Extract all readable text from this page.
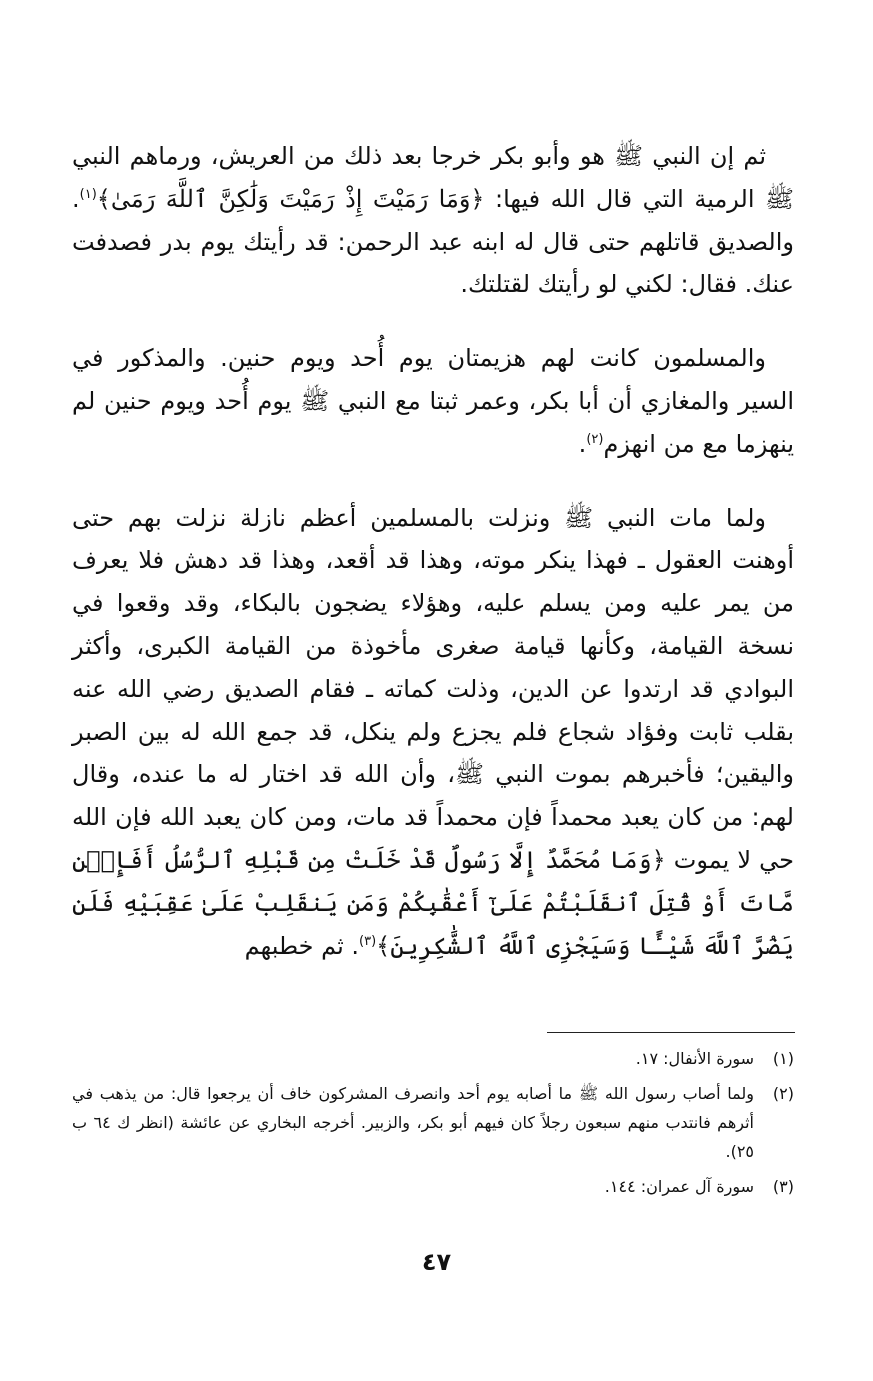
ثم إن النبي ﷺ هو وأبو بكر خرجا بعد ذلك من العريش، ورماهم النبي ﷺ الرمية التي قال الله فيها: ﴿وَمَا رَمَيْتَ إِذْ رَمَيْتَ وَلَٰكِنَّ ٱللَّهَ رَمَىٰ﴾$^{(١)}$. والصديق قاتلهم حتى قال له ابنه عبد الرحمن: قد رأيتك يوم بدر فصدفت عنك. فقال: لكني لو رأيتك لقتلتك.

والمسلمون كانت لهم هزيمتان يوم أُحد ويوم حنين. والمذكور في السير والمغازي أن أبا بكر، وعمر ثبتا مع النبي ﷺ يوم أُحد ويوم حنين لم ينهزما مع من انهزم$^{(٢)}$.

ولما مات النبي ﷺ ونزلت بالمسلمين أعظم نازلة نزلت بهم حتى أوهنت العقول ـ فهذا ينكر موته، وهذا قد أقعد، وهذا قد دهش فلا يعرف من يمر عليه ومن يسلم عليه، وهؤلاء يضجون بالبكاء، وقد وقعوا في نسخة القيامة، وكأنها قيامة صغرى مأخوذة من القيامة الكبرى، وأكثر البوادي قد ارتدوا عن الدين، وذلت كماته ـ فقام الصديق رضي الله عنه بقلب ثابت وفؤاد شجاع فلم يجزع ولم ينكل، قد جمع الله له بين الصبر واليقين؛ فأخبرهم بموت النبي ﷺ، وأن الله قد اختار له ما عنده، وقال لهم: من كان يعبد محمداً فإن محمداً قد مات، ومن كان يعبد الله فإن الله حي لا يموت ﴿وَمَا مُحَمَّدٌ إِلَّا رَسُولٌ قَدْ خَلَتْ مِن قَبْلِهِ ٱلرُّسُلُ أَفَإِي۟ن مَّاتَ أَوْ قُتِلَ ٱنقَلَبْتُمْ عَلَىٰٓ أَعْقَٰبِكُمْ وَمَن يَنقَلِبْ عَلَىٰ عَقِبَيْهِ فَلَن يَضُرَّ ٱللَّهَ شَيْـًٔا وَسَيَجْزِى ٱللَّهُ ٱلشَّٰكِرِينَ﴾$^{(٣)}$. ثم خطبهم

(١)
سورة الأنفال: ١٧.
(٢)
ولما أصاب رسول الله ﷺ ما أصابه يوم أحد وانصرف المشركون خاف أن يرجعوا قال: من يذهب في أثرهم فانتدب منهم سبعون رجلاً كان فيهم أبو بكر، والزبير. أخرجه البخاري عن عائشة (انظر ك ٦٤ ب ٢٥).
(٣)
سورة آل عمران: ١٤٤.
٤٧
